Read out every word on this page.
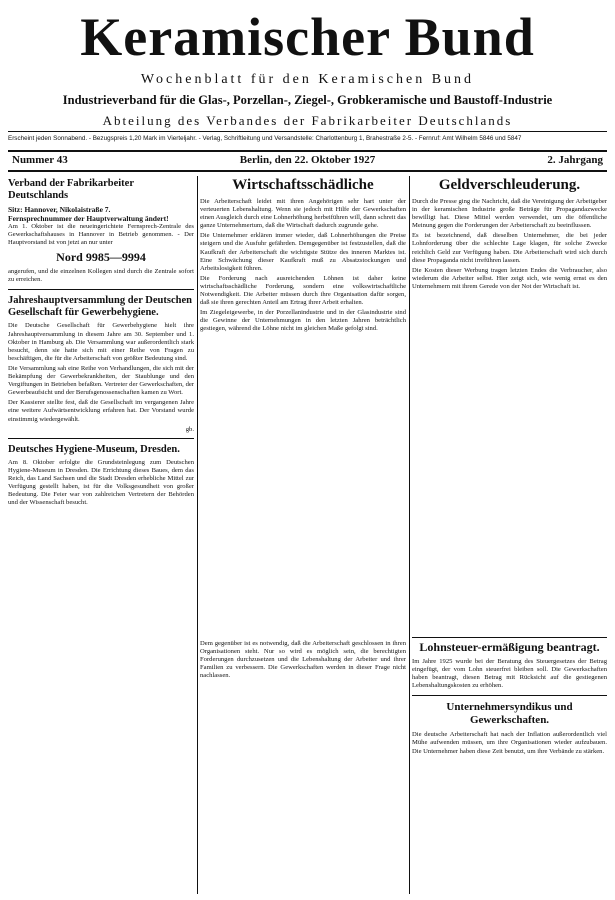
Keramischer Bund
Wochenblatt für den Keramischen Bund
Industrieverband für die Glas-, Porzellan-, Ziegel-, Grobkeramische und Baustoff-Industrie
Abteilung des Verbandes der Fabrikarbeiter Deutschlands
Erscheint jeden Sonnabend. - Bezugspreis 1,20 Mark im Vierteljahr. - Verlag, Schriftleitung und Versandstelle: Charlottenburg 1, Brahestraße 2-5. - Fernruf: Amt Wilhelm 5846 und 5847
Nummer 43	Berlin, den 22. Oktober 1927	2. Jahrgang
Verband der Fabrikarbeiter Deutschlands
Sitz: Hannover, Nikolaistraße 7.
Fernsprechnummer der Hauptverwaltung ändert!
Am 1. Oktober ist die neueingerichtete Fernsprech-Zentrale des Gewerkschaftshauses in Hannover in Betrieb genommen. - Der Hauptvorstand ist von jetzt an nur unter
Nord 9985—9994
angerufen, und die einzelnen Kollegen sind durch die Zentrale sofort zu erreichen.
Jahreshauptversammlung der Deutschen Gesellschaft für Gewerbehygiene.
Die Deutsche Gesellschaft für Gewerbehygiene hielt ihre Jahreshauptversammlung in diesem Jahre am 30. September und 1. Oktober in Hamburg ab. Die Versammlung war außerordentlich stark besucht, denn sie hatte sich mit einer Reihe von Fragen zu beschäftigen, die für die Arbeiterschaft von größter Bedeutung sind.
Die Versammlung sah eine Reihe von Verhandlungen, die sich mit der Bekämpfung der Gewerbekrankheiten, der Staublunge und den Vergiftungen in Betrieben befaßten. Vertreter der Gewerkschaften, der Gewerbeaufsicht und der Berufsgenossenschaften kamen zu Wort.
Der Kassierer stellte fest, daß die Gesellschaft im vergangenen Jahre eine weitere Aufwärtsentwicklung erfahren hat. Der Vorstand wurde einstimmig wiedergewählt.
gb.
Deutsches Hygiene-Museum, Dresden.
Am 8. Oktober erfolgte die Grundsteinlegung zum Deutschen Hygiene-Museum in Dresden. Die Errichtung dieses Baues, dem das Reich, das Land Sachsen und die Stadt Dresden erhebliche Mittel zur Verfügung gestellt haben, ist für die Volksgesundheit von großer Bedeutung. Die Feier war von zahlreichen Vertretern der Behörden und der Wissenschaft besucht.
Wirtschaftsschädliche
Die Arbeiterschaft leidet mit ihren Angehörigen sehr hart unter der verteuerten Lebenshaltung. Wenn sie jedoch mit Hilfe der Gewerkschaften einen Ausgleich durch eine Lohnerhöhung herbeiführen will, dann schreit das ganze Unternehmertum, daß die Wirtschaft dadurch zugrunde gehe.
Die Unternehmer erklären immer wieder, daß Lohnerhöhungen die Preise steigern und die Ausfuhr gefährden. Demgegenüber ist festzustellen, daß die Kaufkraft der Arbeiterschaft die wichtigste Stütze des inneren Marktes ist. Eine Schwächung dieser Kaufkraft muß zu Absatzstockungen und Arbeitslosigkeit führen.
Die Forderung nach ausreichenden Löhnen ist daher keine wirtschaftsschädliche Forderung, sondern eine volkswirtschaftliche Notwendigkeit. Die Arbeiter müssen durch ihre Organisation dafür sorgen, daß sie ihren gerechten Anteil am Ertrag ihrer Arbeit erhalten.
Im Ziegeleigewerbe, in der Porzellanindustrie und in der Glasindustrie sind die Gewinne der Unternehmungen in den letzten Jahren beträchtlich gestiegen, während die Löhne nicht im gleichen Maße gefolgt sind.
Geldverschleuderung.
Durch die Presse ging die Nachricht, daß die Vereinigung der Arbeitgeber in der keramischen Industrie große Beträge für Propagandazwecke bewilligt hat. Diese Mittel werden verwendet, um die öffentliche Meinung gegen die Forderungen der Arbeiterschaft zu beeinflussen.
Es ist bezeichnend, daß dieselben Unternehmer, die bei jeder Lohnforderung über die schlechte Lage klagen, für solche Zwecke reichlich Geld zur Verfügung haben. Die Arbeiterschaft wird sich durch diese Propaganda nicht irreführen lassen.
Die Kosten dieser Werbung tragen letzten Endes die Verbraucher, also wiederum die Arbeiter selbst. Hier zeigt sich, wie wenig ernst es den Unternehmern mit ihrem Gerede von der Not der Wirtschaft ist.
Dem gegenüber ist es notwendig, daß die Arbeiterschaft geschlossen in ihren Organisationen steht. Nur so wird es möglich sein, die berechtigten Forderungen durchzusetzen und die Lebenshaltung der Arbeiter und ihrer Familien zu verbessern. Die Gewerkschaften werden in dieser Frage nicht nachlassen.
Lohnsteuer-ermäßigung beantragt.
Im Jahre 1925 wurde bei der Beratung des Steuergesetzes der Betrag eingefügt, der vom Lohn steuerfrei bleiben soll. Die Gewerkschaften haben beantragt, diesen Betrag mit Rücksicht auf die gestiegenen Lebenshaltungskosten zu erhöhen.
Unternehmersyndikus und Gewerkschaften.
Die deutsche Arbeiterschaft hat nach der Inflation außerordentlich viel Mühe aufwenden müssen, um ihre Organisationen wieder aufzubauen. Die Unternehmer haben diese Zeit benutzt, um ihre Verbände zu stärken.
